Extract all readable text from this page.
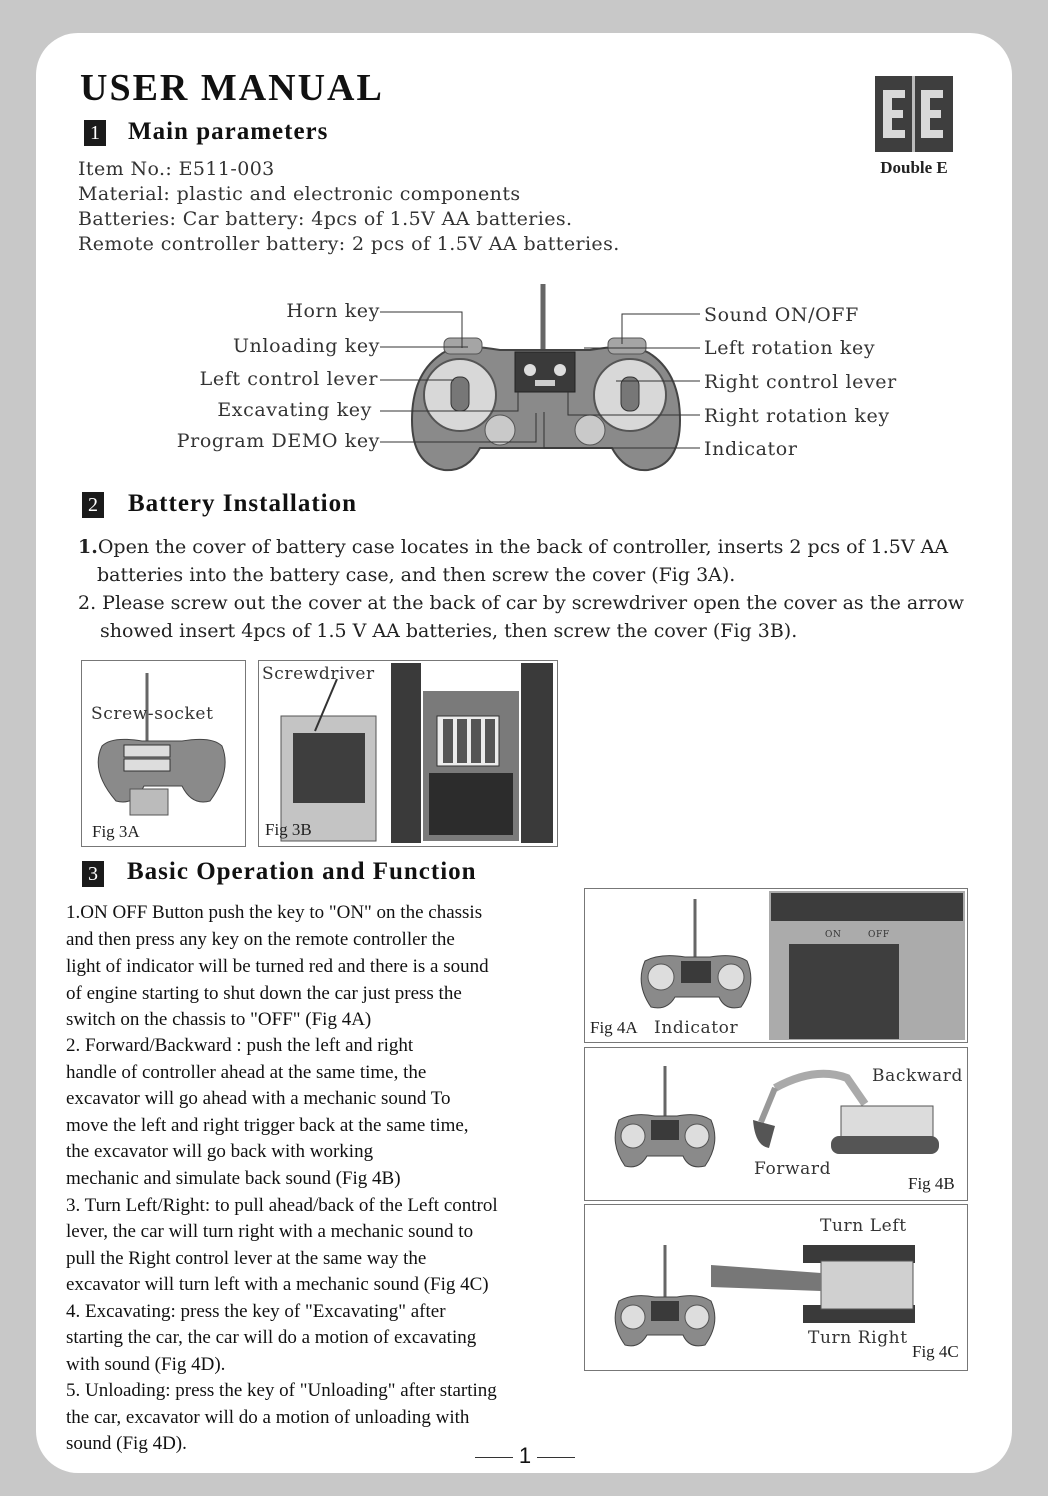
USER MANUAL
Double E
1 Main parameters
Item No.: E511-003
Material: plastic and electronic components
Batteries: Car battery: 4pcs of 1.5V AA batteries.
Remote controller battery: 2 pcs of 1.5V AA batteries.
Horn key
Unloading key
Left control lever
Excavating key
Program DEMO key
Sound ON/OFF
Left rotation key
Right control lever
Right rotation key
Indicator
2 Battery Installation
1.Open the cover of battery case locates in the back of controller, inserts 2 pcs of 1.5V AA
batteries into the battery case, and then screw the cover (Fig 3A).
2. Please screw out the cover at the back of car by screwdriver open the cover as the arrow
showed insert 4pcs of 1.5 V AA batteries, then screw the cover (Fig 3B).
Screw-socket
Fig 3A
Screwdriver
Fig 3B
3 Basic Operation and Function
1.ON OFF Button push the key to "ON" on the chassis
and then press any key on the remote controller the
light of indicator will be turned red and there is a sound
of engine starting to shut down the car just press the
switch on the chassis to "OFF" (Fig 4A)
2. Forward/Backward : push the left and right
handle of controller ahead at the same time, the
excavator will go ahead with a mechanic sound To
move the left and right trigger back at the same time,
the excavator will go back with working
mechanic and simulate back sound (Fig 4B)
3. Turn Left/Right: to pull ahead/back of the Left control
lever, the car will turn right with a mechanic sound to
pull the Right control lever at the same way the
excavator will turn left with a mechanic sound (Fig 4C)
4. Excavating: press the key of "Excavating" after
starting the car, the car will do a motion of excavating
with sound (Fig 4D).
5. Unloading: press the key of "Unloading" after starting
the car, excavator will do a motion of unloading with
sound (Fig 4D).
ON	OFF
Fig 4A Indicator
Backward
Forward
Fig 4B
Turn Left
Turn Right
Fig 4C
1
